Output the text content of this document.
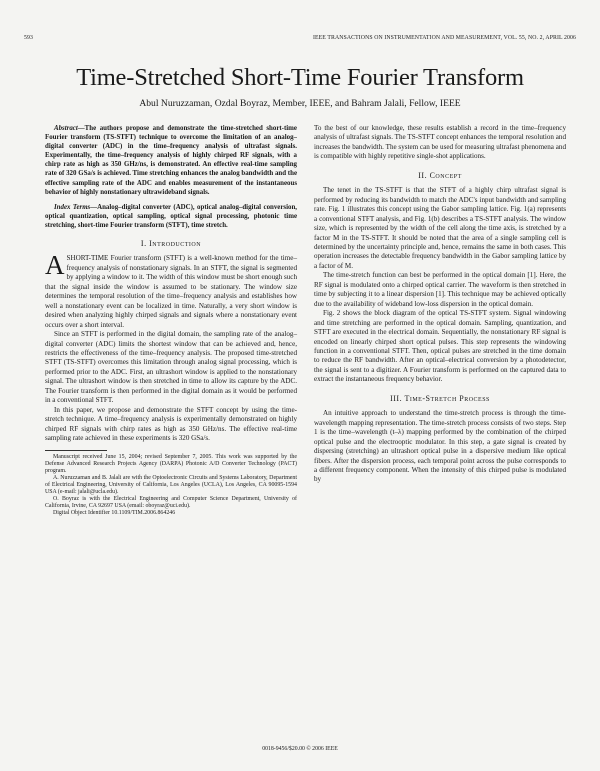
593	IEEE TRANSACTIONS ON INSTRUMENTATION AND MEASUREMENT, VOL. 55, NO. 2, APRIL 2006
Time-Stretched Short-Time Fourier Transform
Abul Nuruzzaman, Ozdal Boyraz, Member, IEEE, and Bahram Jalali, Fellow, IEEE

Abstract—The authors propose and demonstrate the time-stretched short-time Fourier transform (TS-STFT) technique to overcome the limitation of an analog–digital converter (ADC) in the time–frequency analysis of ultrafast signals. Experimentally, the time–frequency analysis of highly chirped RF signals, with a chirp rate as high as 350 GHz/ns, is demonstrated. An effective real-time sampling rate of 320 GSa/s is achieved. Time stretching enhances the analog bandwidth and the effective sampling rate of the ADC and enables measurement of the instantaneous behavior of highly nonstationary ultrawideband signals.

Index Terms—Analog–digital converter (ADC), optical analog–digital conversion, optical quantization, optical sampling, optical signal processing, photonic time stretching, short-time Fourier transform (STFT), time stretch.

I. Introduction

ASHORT-TIME Fourier transform (STFT) is a well-known method for the time–frequency analysis of nonstationary signals. In an STFT, the signal is segmented by applying a window to it. The width of this window must be short enough such that the signal inside the window is assumed to be stationary. The window size determines the temporal resolution of the time–frequency analysis and establishes how well a nonstationary event can be localized in time. Naturally, a very short window is desired when analyzing highly chirped signals and signals where a nonstationary event occurs over a short interval.

Since an STFT is performed in the digital domain, the sampling rate of the analog–digital converter (ADC) limits the shortest window that can be achieved and, hence, restricts the effectiveness of the time–frequency analysis. The proposed time-stretched STFT (TS-STFT) overcomes this limitation through analog signal processing, which is performed prior to the ADC. First, an ultrashort window is applied to the nonstationary signal. The ultrashort window is then stretched in time to allow its capture by the ADC. The Fourier transform is then performed in the digital domain as it would be performed in a conventional STFT.

In this paper, we propose and demonstrate the STFT concept by using the time-stretch technique. A time–frequency analysis is experimentally demonstrated on highly chirped RF signals with chirp rates as high as 350 GHz/ns. The effective real-time sampling rate achieved in these experiments is 320 GSa/s.

Manuscript received June 15, 2004; revised September 7, 2005. This work was supported by the Defense Advanced Research Projects Agency (DARPA) Photonic A/D Converter Technology (PACT) program.

A. Nuruzzaman and B. Jalali are with the Optoelectronic Circuits and Systems Laboratory, Department of Electrical Engineering, University of California, Los Angeles (UCLA), Los Angeles, CA 90095-1594 USA (e-mail: jalali@ucla.edu).

O. Boyraz is with the Electrical Engineering and Computer Science Department, University of California, Irvine, CA 92697 USA (email: oboyraz@uci.edu).

Digital Object Identifier 10.1109/TIM.2006.864246

To the best of our knowledge, these results establish a record in the time–frequency analysis of ultrafast signals. The TS-STFT concept enhances the temporal resolution and increases the bandwidth. The system can be used for measuring ultrafast phenomena and is compatible with highly repetitive single-shot applications.

II. Concept

The tenet in the TS-STFT is that the STFT of a highly chirp ultrafast signal is performed by reducing its bandwidth to match the ADC's input bandwidth and sampling rate. Fig. 1 illustrates this concept using the Gabor sampling lattice. Fig. 1(a) represents a conventional STFT analysis, and Fig. 1(b) describes a TS-STFT analysis. The window size, which is represented by the width of the cell along the time axis, is stretched by a factor M in the TS-STFT. It should be noted that the area of a single sampling cell is determined by the uncertainty principle and, hence, remains the same in both cases. This operation increases the detectable frequency bandwidth in the Gabor sampling lattice by a factor of M.

The time-stretch function can best be performed in the optical domain [1]. Here, the RF signal is modulated onto a chirped optical carrier. The waveform is then stretched in time by subjecting it to a linear dispersion [1]. This technique may be achieved optically due to the availability of wideband low-loss dispersion in the optical domain.

Fig. 2 shows the block diagram of the optical TS-STFT system. Signal windowing and time stretching are performed in the optical domain. Sampling, quantization, and STFT are executed in the electrical domain. Sequentially, the nonstationary RF signal is encoded on linearly chirped short optical pulses. This step represents the windowing function in a conventional STFT. Then, optical pulses are stretched in the time domain to reduce the RF bandwidth. After an optical–electrical conversion by a photodetector, the signal is sent to a digitizer. A Fourier transform is performed on the captured data to extract the instantaneous frequency behavior.

III. Time-Stretch Process

An intuitive approach to understand the time-stretch process is through the time-wavelength mapping representation. The time-stretch process consists of two steps. Step 1 is the time–wavelength (t–λ) mapping performed by the combination of the chirped optical pulse and the electrooptic modulator. In this step, a gate signal is created by dispersing (stretching) an ultrashort optical pulse in a dispersive medium like optical fibers. After the dispersion process, each temporal point across the pulse corresponds to a different frequency component. When the intensity of this chirped pulse is modulated by

0018-9456/$20.00 © 2006 IEEE
